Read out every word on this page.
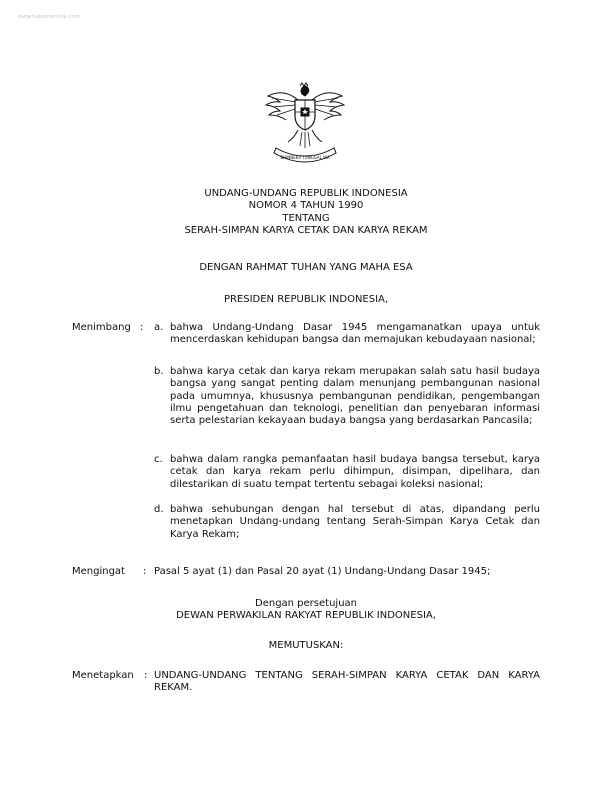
www.hukumonline.com
BHINNEKA TUNGGAL IKA
UNDANG-UNDANG REPUBLIK INDONESIA
NOMOR 4 TAHUN 1990
TENTANG
SERAH-SIMPAN KARYA CETAK DAN KARYA REKAM
DENGAN RAHMAT TUHAN YANG MAHA ESA
PRESIDEN REPUBLIK INDONESIA,
Menimbang : a. bahwa Undang-Undang Dasar 1945 mengamanatkan upaya untuk mencerdaskan kehidupan bangsa dan memajukan kebudayaan nasional;
b. bahwa karya cetak dan karya rekam merupakan salah satu hasil budaya bangsa yang sangat penting dalam menunjang pembangunan nasional pada umumnya, khususnya pembangunan pendidikan, pengembangan ilmu pengetahuan dan teknologi, penelitian dan penyebaran informasi serta pelestarian kekayaan budaya bangsa yang berdasarkan Pancasila;
c. bahwa dalam rangka pemanfaatan hasil budaya bangsa tersebut, karya cetak dan karya rekam perlu dihimpun, disimpan, dipelihara, dan dilestarikan di suatu tempat tertentu sebagai koleksi nasional;
d. bahwa sehubungan dengan hal tersebut di atas, dipandang perlu menetapkan Undang-undang tentang Serah-Simpan Karya Cetak dan Karya Rekam;
Mengingat : Pasal 5 ayat (1) dan Pasal 20 ayat (1) Undang-Undang Dasar 1945;
Dengan persetujuan
DEWAN PERWAKILAN RAKYAT REPUBLIK INDONESIA,
MEMUTUSKAN:
Menetapkan : UNDANG-UNDANG TENTANG SERAH-SIMPAN KARYA CETAK DAN KARYA REKAM.
